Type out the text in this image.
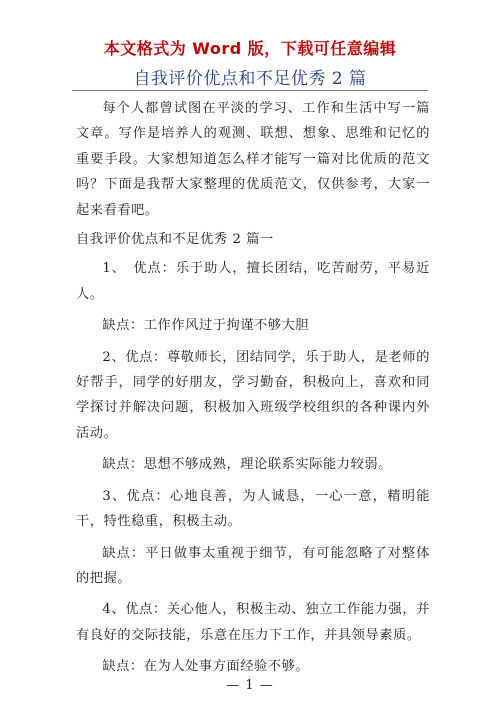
本文格式为 Word 版，下载可任意编辑
自我评价优点和不足优秀 2 篇

每个人都曾试图在平淡的学习、工作和生活中写一篇文章。写作是培养人的观测、联想、想象、思维和记忆的重要手段。大家想知道怎么样才能写一篇对比优质的范文吗？下面是我帮大家整理的优质范文，仅供参考，大家一起来看看吧。

自我评价优点和不足优秀 2 篇一

1、　优点：乐于助人，擅长团结，吃苦耐劳，平易近人。

缺点：工作作风过于拘谨不够大胆

2、优点：尊敬师长，团结同学，乐于助人，是老师的好帮手，同学的好朋友，学习勤奋，积极向上，喜欢和同学探讨并解决问题，积极加入班级学校组织的各种课内外活动。

缺点：思想不够成熟，理论联系实际能力较弱。

3、优点：心地良善，为人诚恳，一心一意，精明能干，特性稳重，积极主动。

缺点：平日做事太重视于细节，有可能忽略了对整体的把握。

4、优点：关心他人，积极主动、独立工作能力强，并有良好的交际技能，乐意在压力下工作，并具领导素质。

缺点：在为人处事方面经验不够。

— 1 —
